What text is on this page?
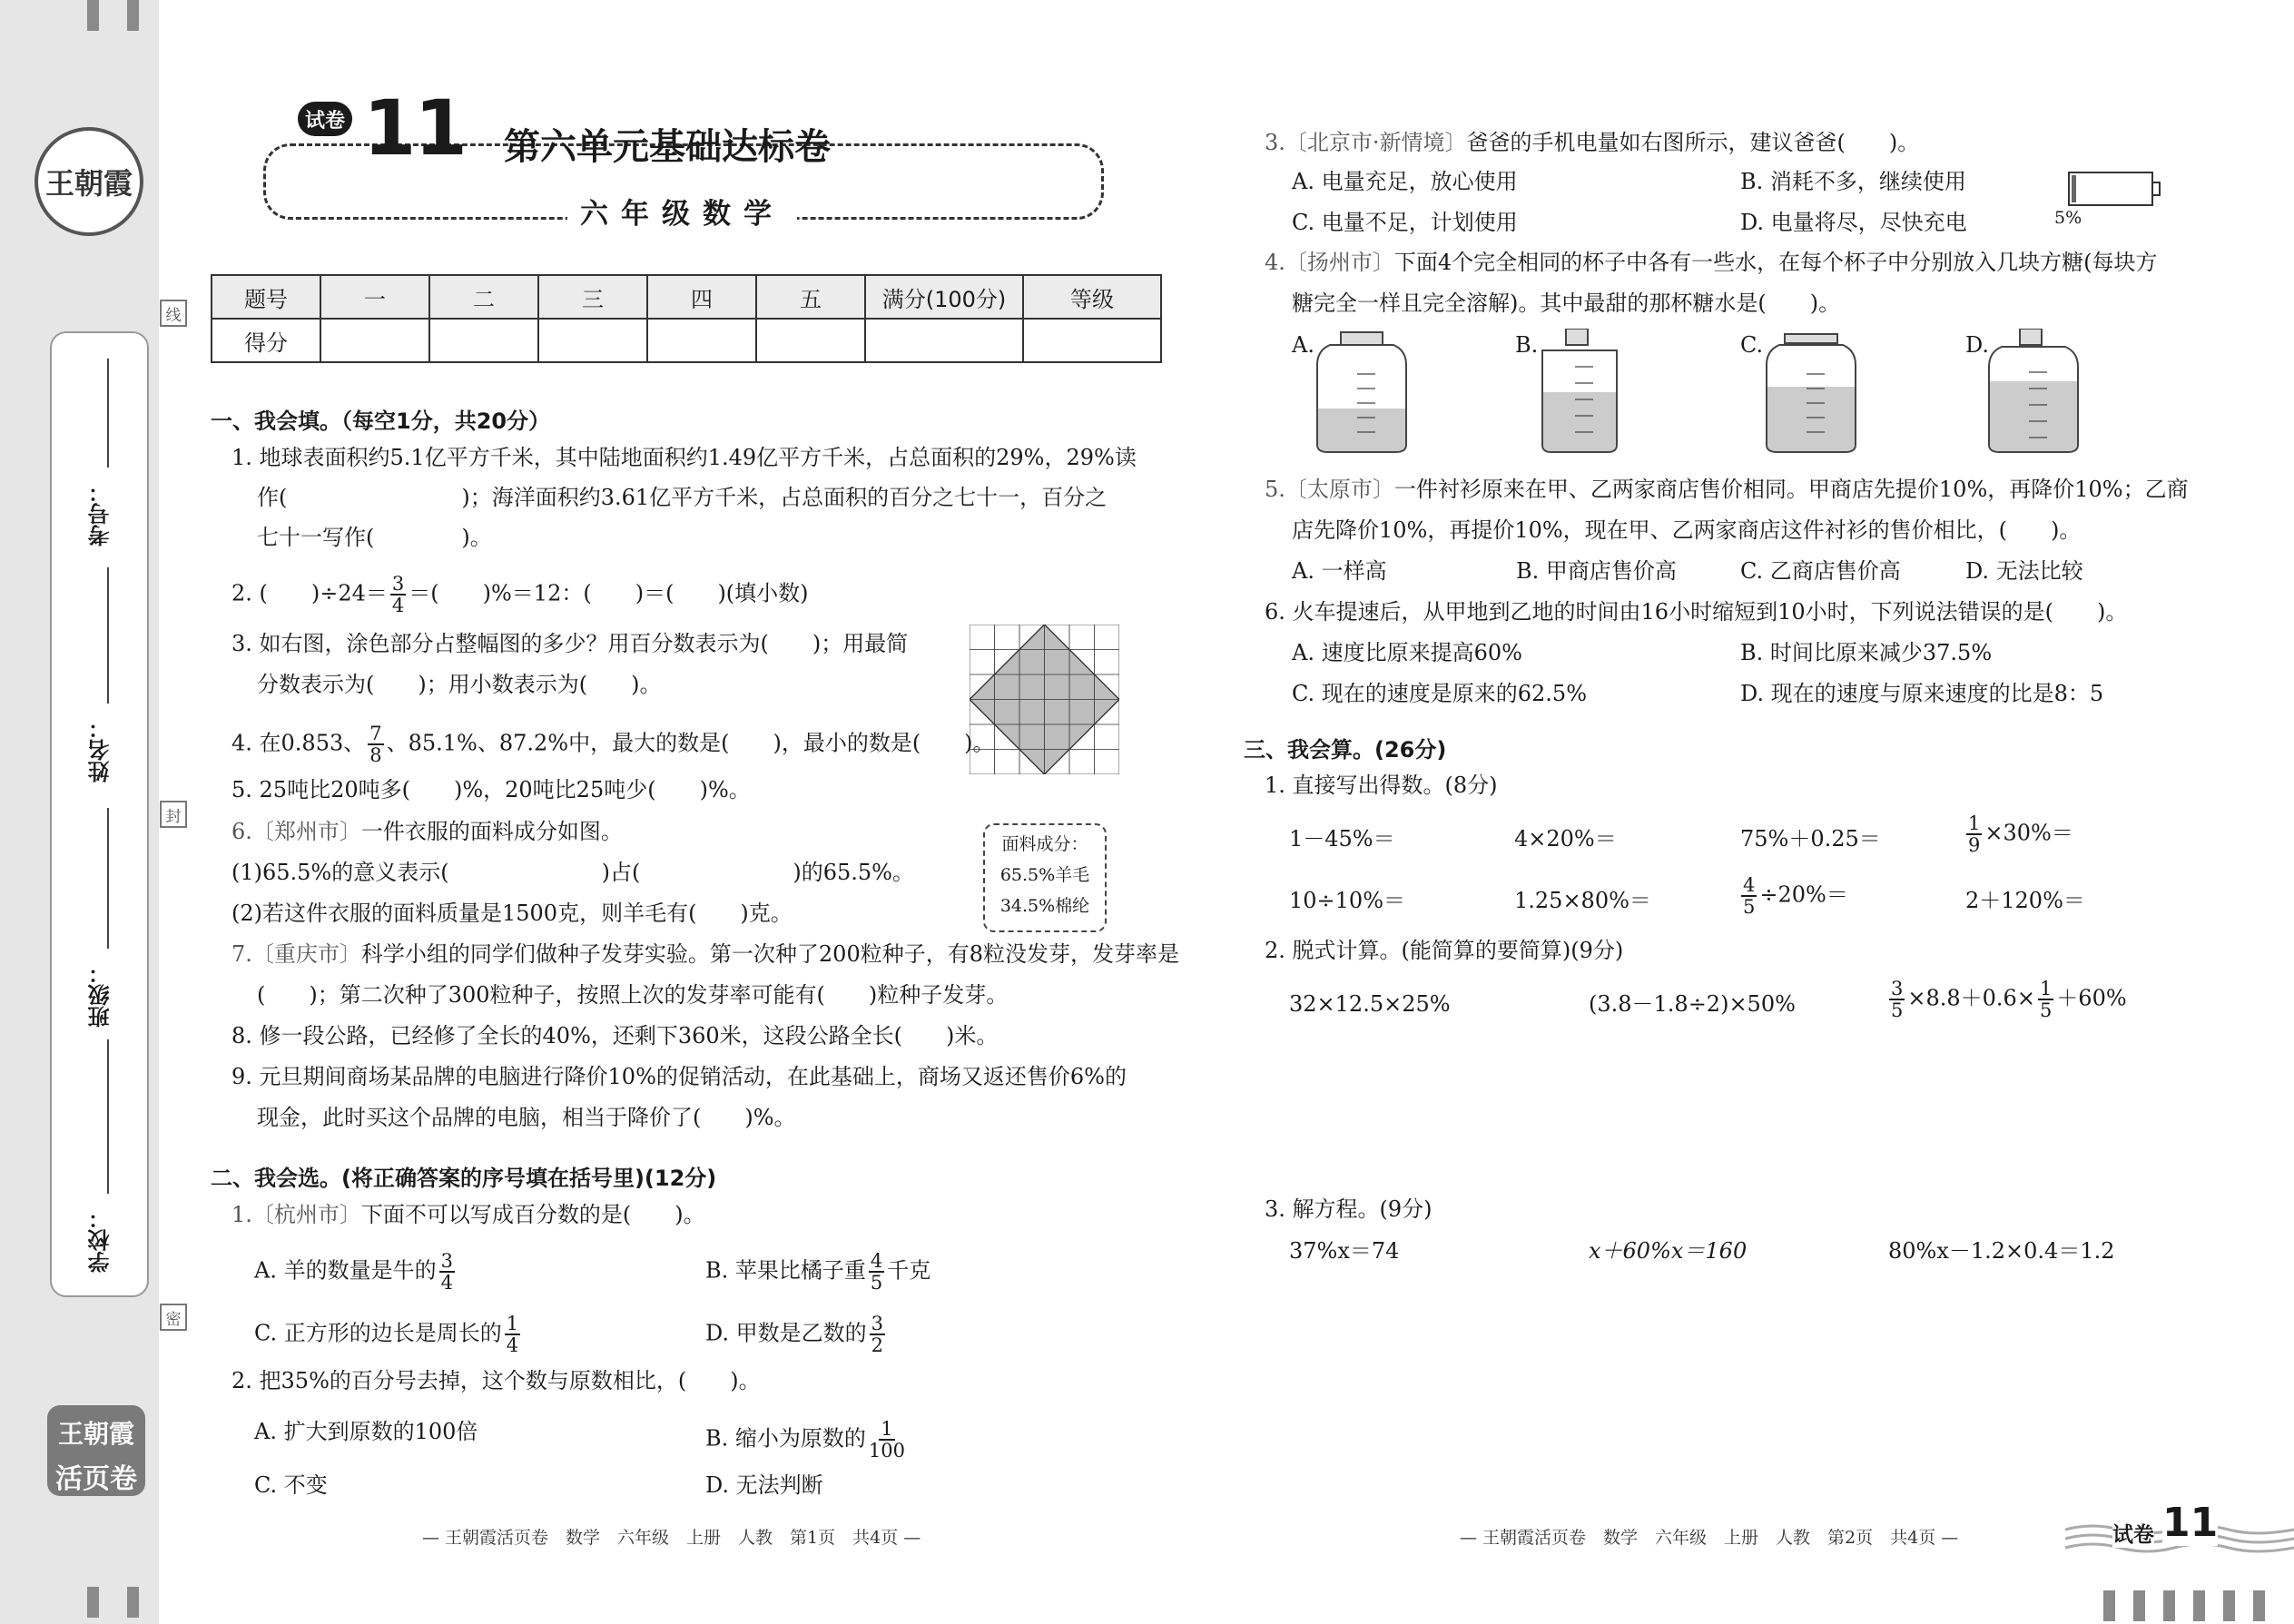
王朝霞
考号：
姓名：
班级：
学校：
线
封
密
王朝霞
活页卷
试卷 11 第六单元基础达标卷
六年级数学
题号	一	二	三	四	五	满分(100分)	等级
得分							
一、我会填。（每空1分，共20分）
1. 地球表面积约5.1亿平方千米，其中陆地面积约1.49亿平方千米，占总面积的29%，29%读
作(　　　　　　　　)；海洋面积约3.61亿平方千米，占总面积的百分之七十一，百分之
七十一写作(　　　　)。
2. (　　)$\div 24= \frac{3}{4}$ ＝(　　)%＝12：(　　)＝(　　)(填小数)
3. 如右图，涂色部分占整幅图的多少？用百分数表示为(　　)；用最简
分数表示为(　　)；用小数表示为(　　)。
4. 在0.853、 $\frac{7}{8}$ 、85.1%、87.2%中，最大的数是(　　)，最小的数是(　　)。
5. 25吨比20吨多(　　)%，20吨比25吨少(　　)%。
6.〔郑州市〕一件衣服的面料成分如图。
(1)65.5%的意义表示(　　　　　　　)占(　　　　　　　)的65.5%。
(2)若这件衣服的面料质量是1500克，则羊毛有(　　)克。
面料成分：
65.5%羊毛
34.5%棉纶
7.〔重庆市〕科学小组的同学们做种子发芽实验。第一次种了200粒种子，有8粒没发芽，发芽率是
(　　)；第二次种了300粒种子，按照上次的发芽率可能有(　　)粒种子发芽。
8. 修一段公路，已经修了全长的40%，还剩下360米，这段公路全长(　　)米。
9. 元旦期间商场某品牌的电脑进行降价10%的促销活动，在此基础上，商场又返还售价6%的
现金，此时买这个品牌的电脑，相当于降价了(　　)%。
二、我会选。(将正确答案的序号填在括号里)(12分)
1.〔杭州市〕下面不可以写成百分数的是(　　)。
A. 羊的数量是牛的 $\frac{3}{4}$	B. 苹果比橘子重 $\frac{4}{5}$ 千克
C. 正方形的边长是周长的 $\frac{1}{4}$	D. 甲数是乙数的 $\frac{3}{2}$
2. 把35%的百分号去掉，这个数与原数相比，(　　)。
A. 扩大到原数的100倍	B. 缩小为原数的 $\frac{1}{100}$
C. 不变	D. 无法判断
— 王朝霞活页卷　数学　六年级　上册　人教　第1页　共4页 —
3.〔北京市·新情境〕爸爸的手机电量如右图所示，建议爸爸(　　)。
A. 电量充足，放心使用	B. 消耗不多，继续使用
C. 电量不足，计划使用	D. 电量将尽，尽快充电	5%
4.〔扬州市〕下面4个完全相同的杯子中各有一些水，在每个杯子中分别放入几块方糖(每块方
糖完全一样且完全溶解)。其中最甜的那杯糖水是(　　)。
A.	B.	C.	D.
5.〔太原市〕一件衬衫原来在甲、乙两家商店售价相同。甲商店先提价10%，再降价10%；乙商
店先降价10%，再提价10%，现在甲、乙两家商店这件衬衫的售价相比，(　　)。
A. 一样高	B. 甲商店售价高	C. 乙商店售价高	D. 无法比较
6. 火车提速后，从甲地到乙地的时间由16小时缩短到10小时，下列说法错误的是(　　)。
A. 速度比原来提高60%	B. 时间比原来减少37.5%
C. 现在的速度是原来的62.5%	D. 现在的速度与原来速度的比是8：5
三、我会算。(26分)
1. 直接写出得数。(8分)
1－45%＝	4×20%＝	75%＋0.25＝	$\frac{1}{9} \times 30\%=$
10÷10%＝	1.25×80%＝	$\frac{4}{5} \div 20\%=$	2＋120%＝
2. 脱式计算。(能简算的要简算)(9分)
32×12.5×25%	(3.8－1.8÷2)×50%	$\frac{3}{5} \times 8.8+0.6\times \frac{1}{5} +60\%$
3. 解方程。(9分)
37%x＝74	x＋60%x＝160	80%x－1.2×0.4＝1.2
— 王朝霞活页卷　数学　六年级　上册　人教　第2页　共4页 —	试卷 11
